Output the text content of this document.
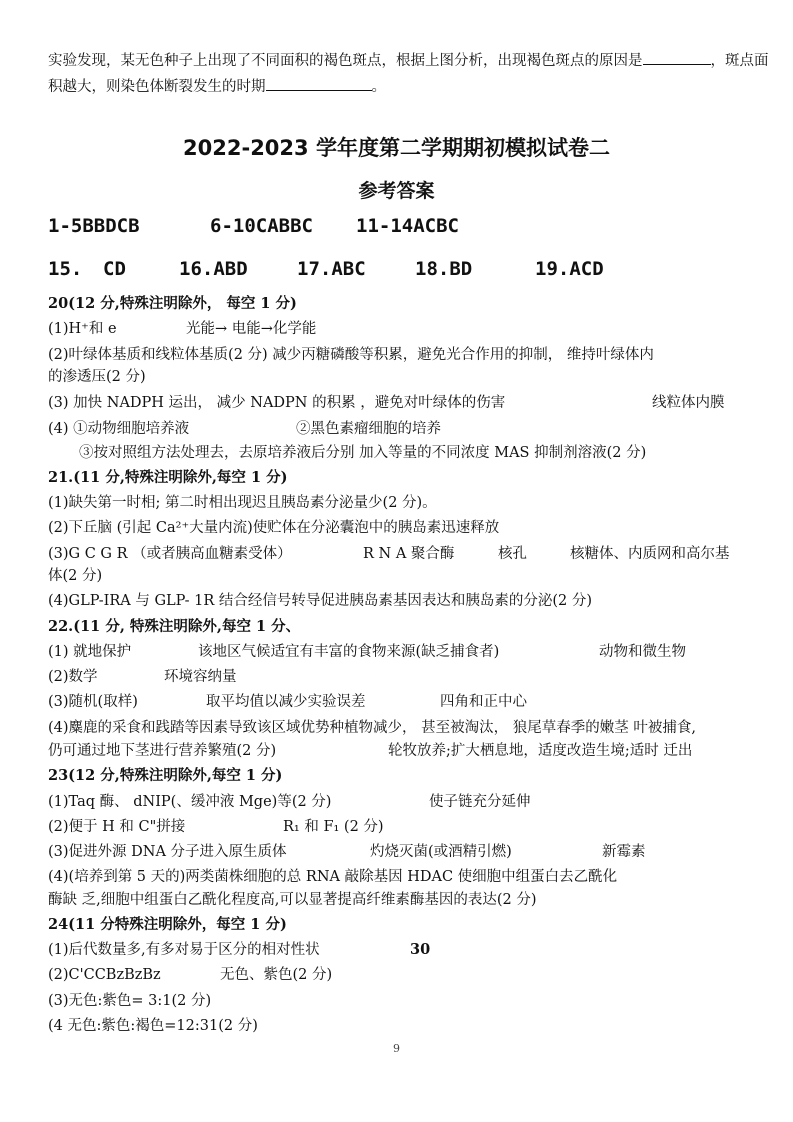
实验发现，某无色种子上出现了不同面积的褐色斑点，根据上图分析，出现褐色斑点的原因是	，斑点面
积越大，则染色体断裂发生的时期	。
2022-2023 学年度第二学期期初模拟试卷二
参考答案
1-5BBDCB	6-10CABBC 11-14ACBC
15. CD	16.ABD	17.ABC	18.BD	19.ACD
20(12 分,特殊注明除外， 每空 1 分)
(1)H⁺和 e	光能→ 电能→化学能
(2)叶绿体基质和线粒体基质(2 分) 减少丙糖磷酸等积累，避免光合作用的抑制， 维持叶绿体内
的渗透压(2 分)
(3) 加快 NADPH 运出， 减少 NADPN 的积累 ，避免对叶绿体的伤害	线粒体内膜
(4) ①动物细胞培养液	②黑色素瘤细胞的培养
③按对照组方法处理去，去原培养液后分别 加入等量的不同浓度 MAS 抑制剂溶液(2 分)
21.(11 分,特殊注明除外,每空 1 分)
(1)缺失第一时相; 第二时相出现迟且胰岛素分泌量少(2 分)。
(2)下丘脑 (引起 Ca²⁺大量内流)使贮体在分泌囊泡中的胰岛素迅速释放
(3)G C G R （或者胰高血糖素受体）	R N A 聚合酶	核孔	核糖体、内质网和高尔基
体(2 分)
(4)GLP-IRA 与 GLP- 1R 结合经信号转导促进胰岛素基因表达和胰岛素的分泌(2 分)
22.(11 分, 特殊注明除外,每空 1 分、
(1) 就地保护	该地区气候适宜有丰富的食物来源(缺乏捕食者)	动物和微生物
(2)数学	环境容纳量
(3)随机(取样)	取平均值以减少实验误差	四角和正中心
(4)麋鹿的采食和践踏等因素导致该区域优势种植物减少， 甚至被淘汰， 狼尾草春季的嫩茎 叶被捕食,
仍可通过地下茎进行营养繁殖(2 分)	轮牧放养;扩大栖息地，适度改造生境;适时 迁出
23(12 分,特殊注明除外,每空 1 分)
(1)Taq 酶、 dNIP(、缓冲液 Mge)等(2 分)	使子链充分延伸
(2)便于 H 和 C"拼接	R₁ 和 F₁ (2 分)
(3)促进外源 DNA 分子进入原生质体	灼烧灭菌(或酒精引燃)	新霉素
(4)(培养到第 5 天的)两类菌株细胞的总 RNA 敲除基因 HDAC 使细胞中组蛋白去乙酰化
酶缺 乏,细胞中组蛋白乙酰化程度高,可以显著提高纤维素酶基因的表达(2 分)
24(11 分特殊注明除外，每空 1 分)
(1)后代数量多,有多对易于区分的相对性状	30
(2)C'CCBzBzBz	无色、紫色(2 分)
(3)无色:紫色= 3:1(2 分)
(4 无色:紫色:褐色=12:31(2 分)
9
